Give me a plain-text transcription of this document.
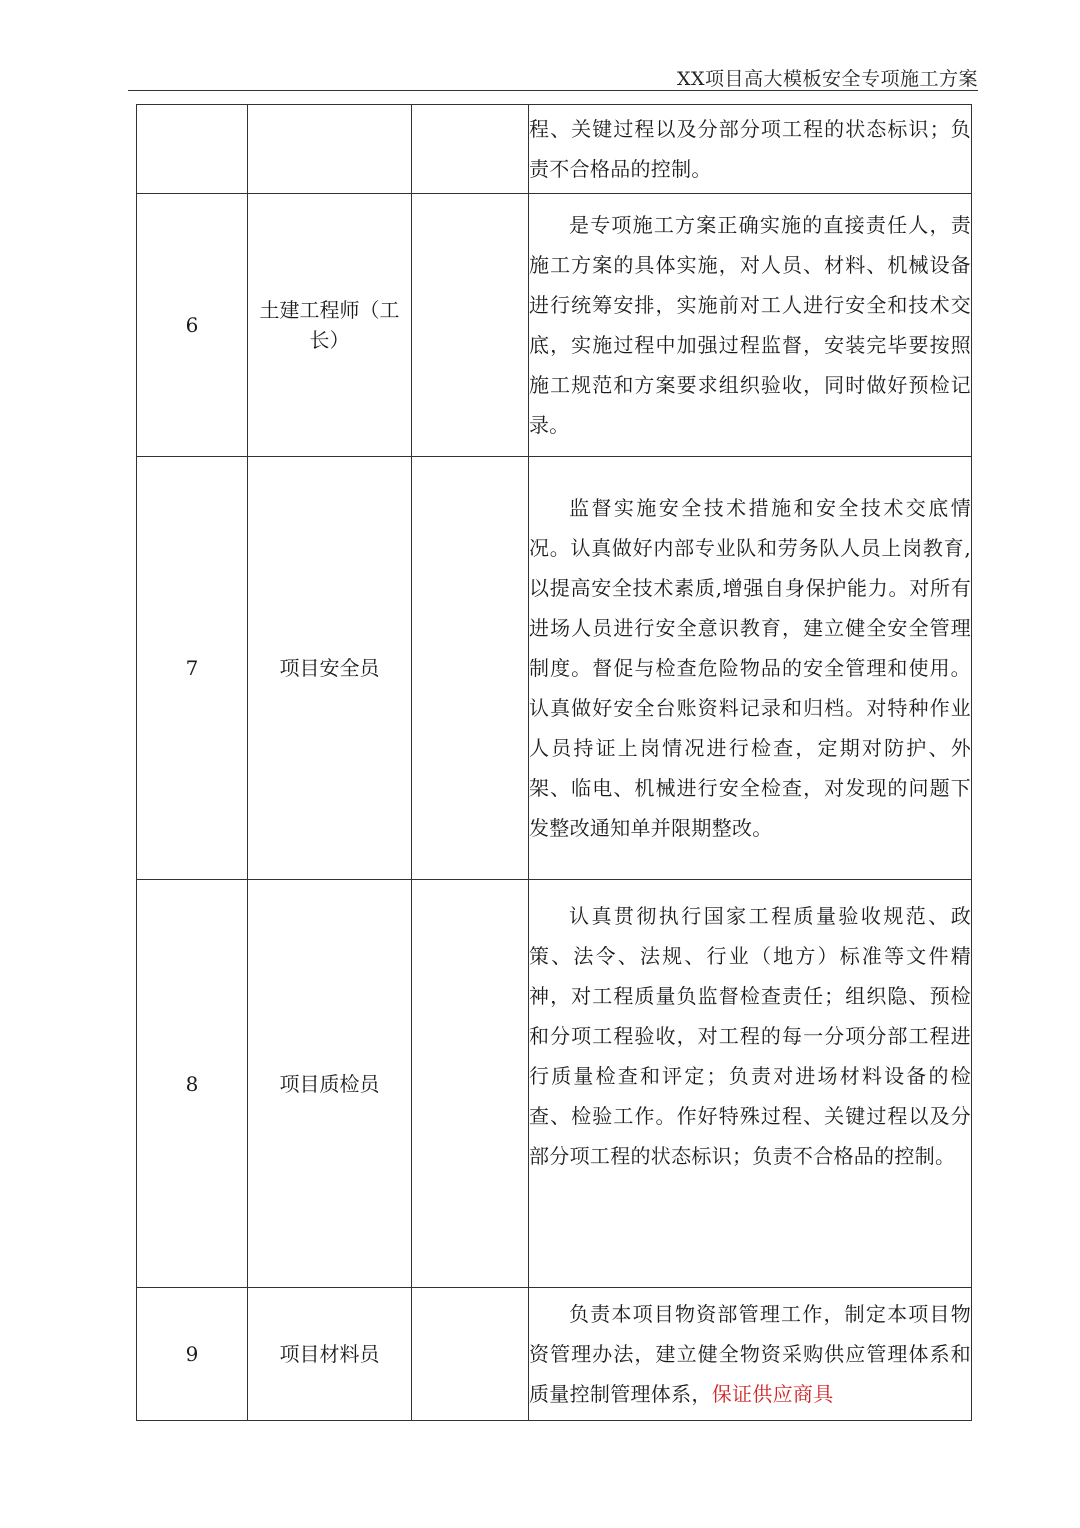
XX项目高大模板安全专项施工方案

			程、关键过程以及分部分项工程的状态标识；负责不合格品的控制。

6	土建工程师（工长）		是专项施工方案正确实施的直接责任人，责施工方案的具体实施，对人员、材料、机械设备进行统筹安排，实施前对工人进行安全和技术交底，实施过程中加强过程监督，安装完毕要按照施工规范和方案要求组织验收，同时做好预检记录。

7	项目安全员		监督实施安全技术措施和安全技术交底情况。认真做好内部专业队和劳务队人员上岗教育,以提高安全技术素质,增强自身保护能力。对所有进场人员进行安全意识教育，建立健全安全管理制度。督促与检查危险物品的安全管理和使用。认真做好安全台账资料记录和归档。对特种作业人员持证上岗情况进行检查，定期对防护、外架、临电、机械进行安全检查，对发现的问题下发整改通知单并限期整改。

8	项目质检员		认真贯彻执行国家工程质量验收规范、政策、法令、法规、行业（地方）标准等文件精神，对工程质量负监督检查责任；组织隐、预检和分项工程验收，对工程的每一分项分部工程进行质量检查和评定；负责对进场材料设备的检查、检验工作。作好特殊过程、关键过程以及分部分项工程的状态标识；负责不合格品的控制。

9	项目材料员		负责本项目物资部管理工作，制定本项目物资管理办法，建立健全物资采购供应管理体系和质量控制管理体系，保证供应商具
